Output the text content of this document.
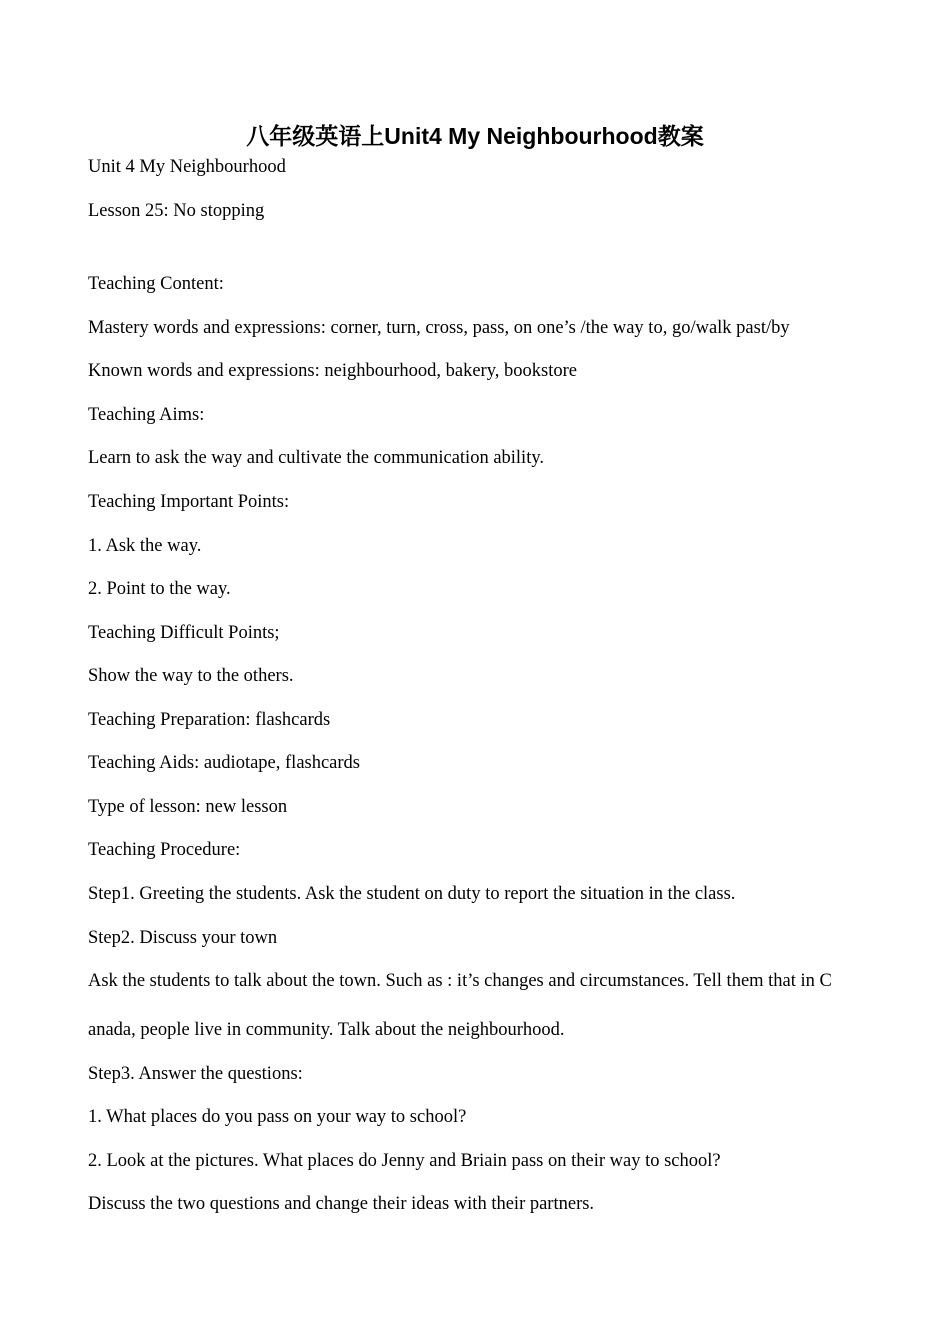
八年级英语上Unit4 My Neighbourhood教案
Unit 4 My Neighbourhood
Lesson 25: No stopping
Teaching Content:
Mastery words and expressions: corner, turn, cross, pass, on one’s /the way to, go/walk past/by
Known words and expressions: neighbourhood, bakery, bookstore
Teaching Aims:
Learn to ask the way and cultivate the communication ability.
Teaching Important Points:
1. Ask the way.
2. Point to the way.
Teaching Difficult Points;
Show the way to the others.
Teaching Preparation: flashcards
Teaching Aids: audiotape, flashcards
Type of lesson: new lesson
Teaching Procedure:
Step1. Greeting the students. Ask the student on duty to report the situation in the class.
Step2. Discuss your town
Ask the students to talk about the town. Such as : it’s changes and circumstances. Tell them that in C
anada, people live in community. Talk about the neighbourhood.
Step3. Answer the questions:
1. What places do you pass on your way to school?
2. Look at the pictures. What places do Jenny and Briain pass on their way to school?
Discuss the two questions and change their ideas with their partners.
